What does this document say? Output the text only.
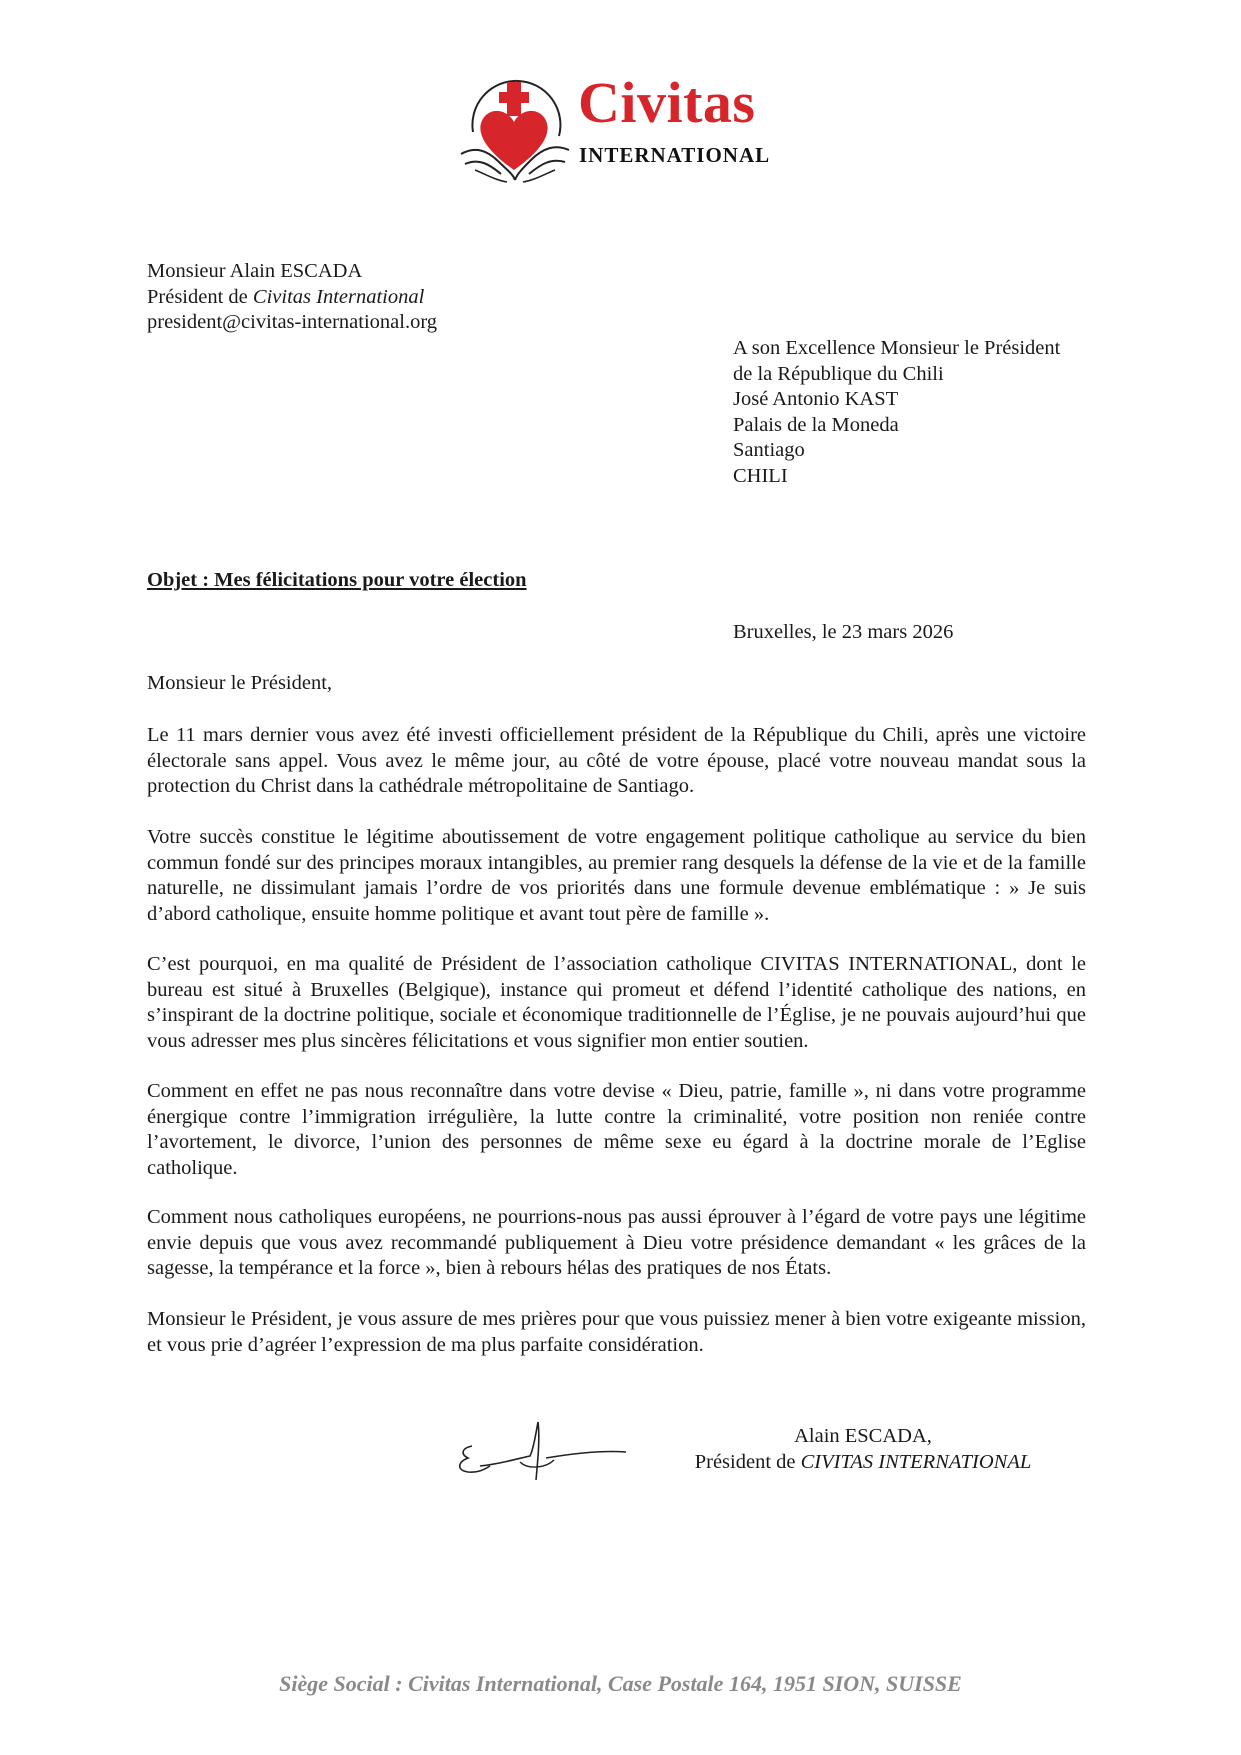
Civitas
INTERNATIONAL
Monsieur Alain ESCADA
Président de Civitas International
president@civitas-international.org
A son Excellence Monsieur le Président
de la République du Chili
José Antonio KAST
Palais de la Moneda
Santiago
CHILI
Objet : Mes félicitations pour votre élection
Bruxelles, le 23 mars 2026
Monsieur le Président,

Le 11 mars dernier vous avez été investi officiellement président de la République du Chili, après une victoire électorale sans appel. Vous avez le même jour, au côté de votre épouse, placé votre nouveau mandat sous la protection du Christ dans la cathédrale métropolitaine de Santiago.

Votre succès constitue le légitime aboutissement de votre engagement politique catholique au service du bien commun fondé sur des principes moraux intangibles, au premier rang desquels la défense de la vie et de la famille naturelle, ne dissimulant jamais l’ordre de vos priorités dans une formule devenue emblématique : » Je suis d’abord catholique, ensuite homme politique et avant tout père de famille ».

C’est pourquoi, en ma qualité de Président de l’association catholique CIVITAS INTERNATIONAL, dont le bureau est situé à Bruxelles (Belgique), instance qui promeut et défend l’identité catholique des nations, en s’inspirant de la doctrine politique, sociale et économique traditionnelle de l’Église, je ne pouvais aujourd’hui que vous adresser mes plus sincères félicitations et vous signifier mon entier soutien.

Comment en effet ne pas nous reconnaître dans votre devise « Dieu, patrie, famille », ni dans votre programme énergique contre l’immigration irrégulière, la lutte contre la criminalité, votre position non reniée contre l’avortement, le divorce, l’union des personnes de même sexe eu égard à la doctrine morale de l’Eglise catholique.

Comment nous catholiques européens, ne pourrions-nous pas aussi éprouver à l’égard de votre pays une légitime envie depuis que vous avez recommandé publiquement à Dieu votre présidence demandant « les grâces de la sagesse, la tempérance et la force », bien à rebours hélas des pratiques de nos États.

Monsieur le Président, je vous assure de mes prières pour que vous puissiez mener à bien votre exigeante mission, et vous prie d’agréer l’expression de ma plus parfaite considération.

Alain ESCADA,
Président de CIVITAS INTERNATIONAL
Siège Social : Civitas International, Case Postale 164, 1951 SION, SUISSE
